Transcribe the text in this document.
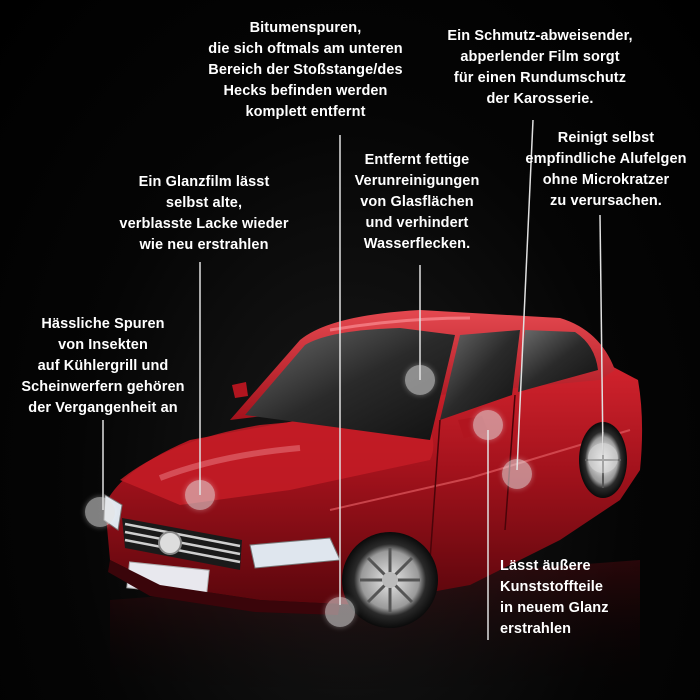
Bitumenspuren,
die sich oftmals am unteren
Bereich der Stoßstange/des
Hecks befinden werden
komplett entfernt
Ein Schmutz-abweisender,
abperlender Film sorgt
für einen Rundumschutz
der Karosserie.
Ein Glanzfilm lässt
selbst alte,
verblasste Lacke wieder
wie neu erstrahlen
Entfernt fettige
Verunreinigungen
von Glasflächen
und verhindert
Wasserflecken.
Reinigt selbst
empfindliche Alufelgen
ohne Microkratzer
zu verursachen.
Hässliche Spuren
von Insekten
auf Kühlergrill und
Scheinwerfern gehören
der Vergangenheit an
Lässt äußere
Kunststoffteile
in neuem Glanz
erstrahlen
